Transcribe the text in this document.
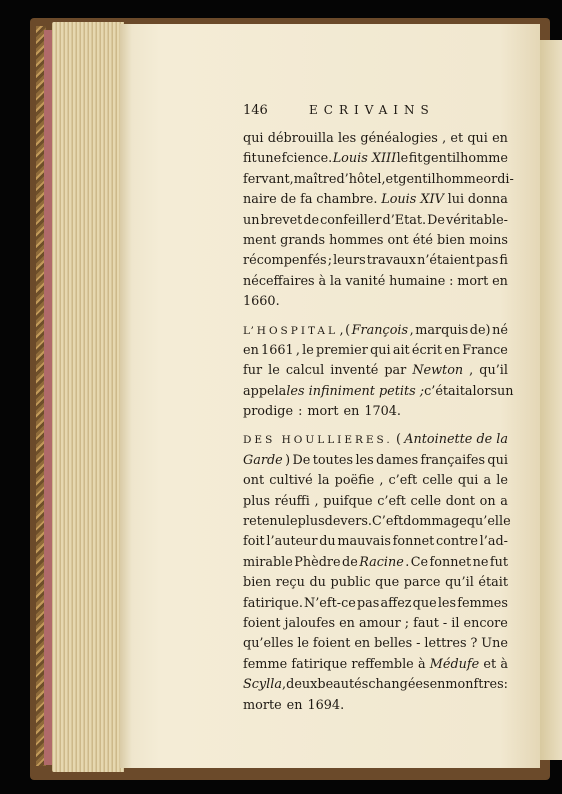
146	ECRIVAINS
qui débrouilla les généalogies , et qui en
fit une fcience. Louis XIII le fit gentilhomme
fervant , maître d’hôtel , et gentilhomme ordi-
naire de fa chambre. Louis XIV lui donna
un brevet de confeiller d’Etat. De véritable-
ment grands hommes ont été bien moins
récompenfés ; leurs travaux n’étaient pas fi
néceffaires à la vanité humaine : mort en
1660.
L’HOSPITAL , ( François , marquis de) né
en 1661 , le premier qui ait écrit en France
fur le calcul inventé par Newton , qu’il
appela les infiniment petits ; c’était alors un
prodige : mort en 1704.
DES HOULLIERES. ( Antoinette de la
Garde ) De toutes les dames françaifes qui
ont cultivé la poëfie , c’eft celle qui a le
plus réuffi , puifque c’eft celle dont on a
retenu le plus de vers. C’eft dommage qu’elle
foit l’auteur du mauvais fonnet contre l’ad-
mirable Phèdre de Racine . Ce fonnet ne fut
bien reçu du public que parce qu’il était
fatirique. N’eft-ce pas affez que les femmes
foient jaloufes en amour ; faut - il encore
qu’elles le foient en belles - lettres ? Une
femme fatirique reffemble à Médufe et à
Scylla , deux beautés changées en monftres:
morte en 1694.
